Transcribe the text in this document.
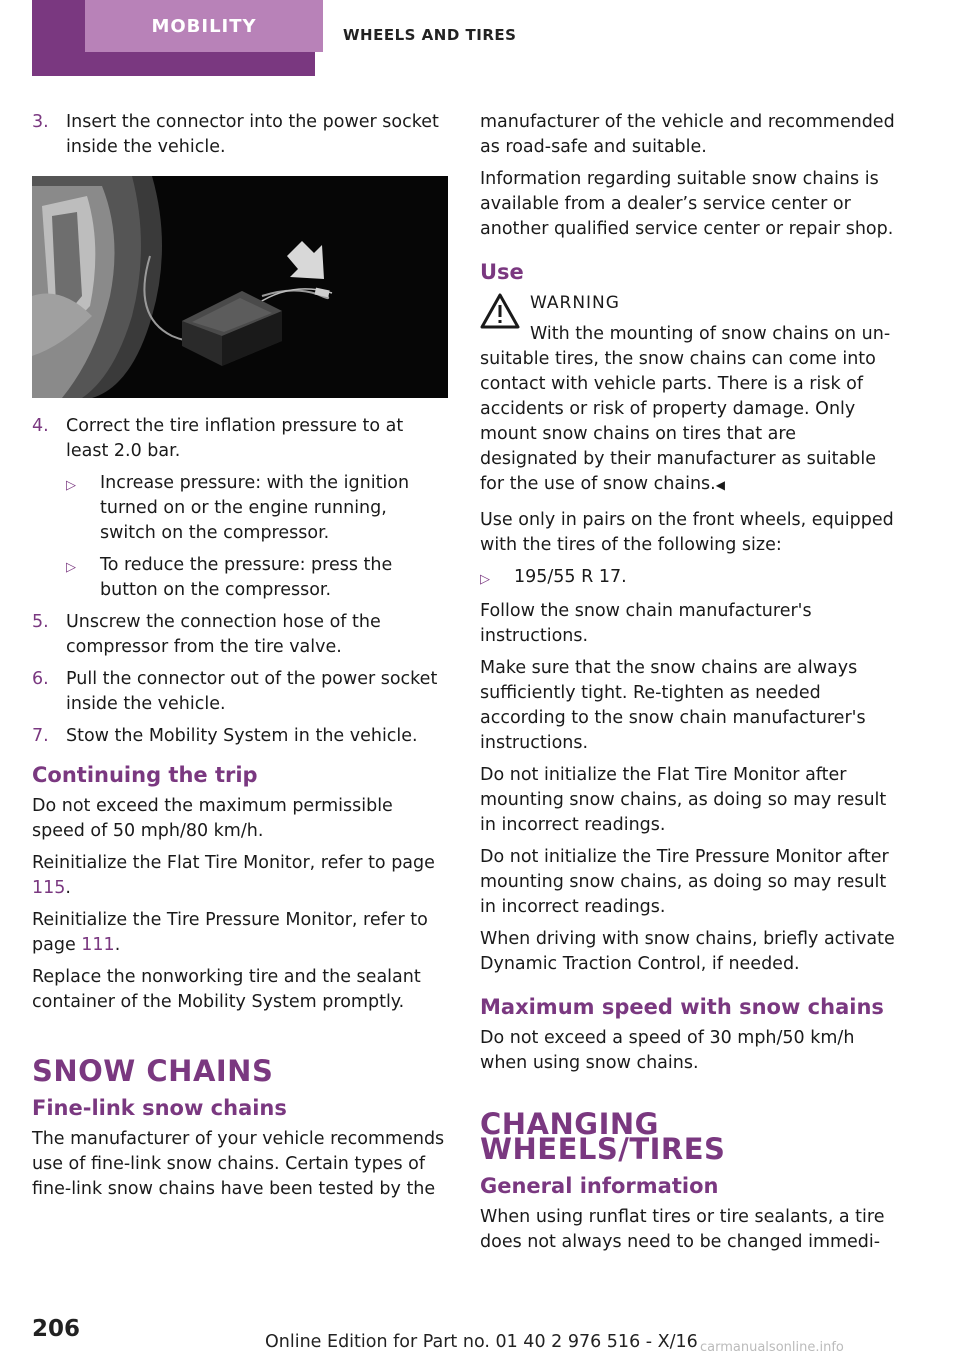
MOBILITY	WHEELS AND TIRES
3. Insert the connector into the power socket inside the vehicle.
4. Correct the tire inflation pressure to at least 2.0 bar.
▷	Increase pressure: with the ignition turned on or the engine running, switch on the compressor.
▷	To reduce the pressure: press the button on the compressor.
5. Unscrew the connection hose of the compressor from the tire valve.
6. Pull the connector out of the power socket inside the vehicle.
7. Stow the Mobility System in the vehicle.
Continuing the trip

Do not exceed the maximum permissible speed of 50 mph/80 km/h.

Reinitialize the Flat Tire Monitor, refer to page 115.

Reinitialize the Tire Pressure Monitor, refer to page 111.

Replace the nonworking tire and the sealant container of the Mobility System promptly.

SNOW CHAINS
Fine-link snow chains

The manufacturer of your vehicle recommends use of fine-link snow chains. Certain types of fine-link snow chains have been tested by the

manufacturer of the vehicle and recommended as road-safe and suitable.

Information regarding suitable snow chains is available from a dealer’s service center or another qualified service center or repair shop.

Use
WARNING
With the mounting of snow chains on un-
suitable tires, the snow chains can come into contact with vehicle parts. There is a risk of accidents or risk of property damage. Only mount snow chains on tires that are designated by their manufacturer as suitable for the use of snow chains.◀

Use only in pairs on the front wheels, equipped with the tires of the following size:

▷	195/55 R 17.

Follow the snow chain manufacturer's instructions.

Make sure that the snow chains are always sufficiently tight. Re-tighten as needed according to the snow chain manufacturer's instructions.

Do not initialize the Flat Tire Monitor after mounting snow chains, as doing so may result in incorrect readings.

Do not initialize the Tire Pressure Monitor after mounting snow chains, as doing so may result in incorrect readings.

When driving with snow chains, briefly activate Dynamic Traction Control, if needed.

Maximum speed with snow chains

Do not exceed a speed of 30 mph/50 km/h when using snow chains.

CHANGING WHEELS/TIRES
General information

When using runflat tires or tire sealants, a tire does not always need to be changed immedi-

206	Online Edition for Part no. 01 40 2 976 516 - X/16 carmanualsonline.info
